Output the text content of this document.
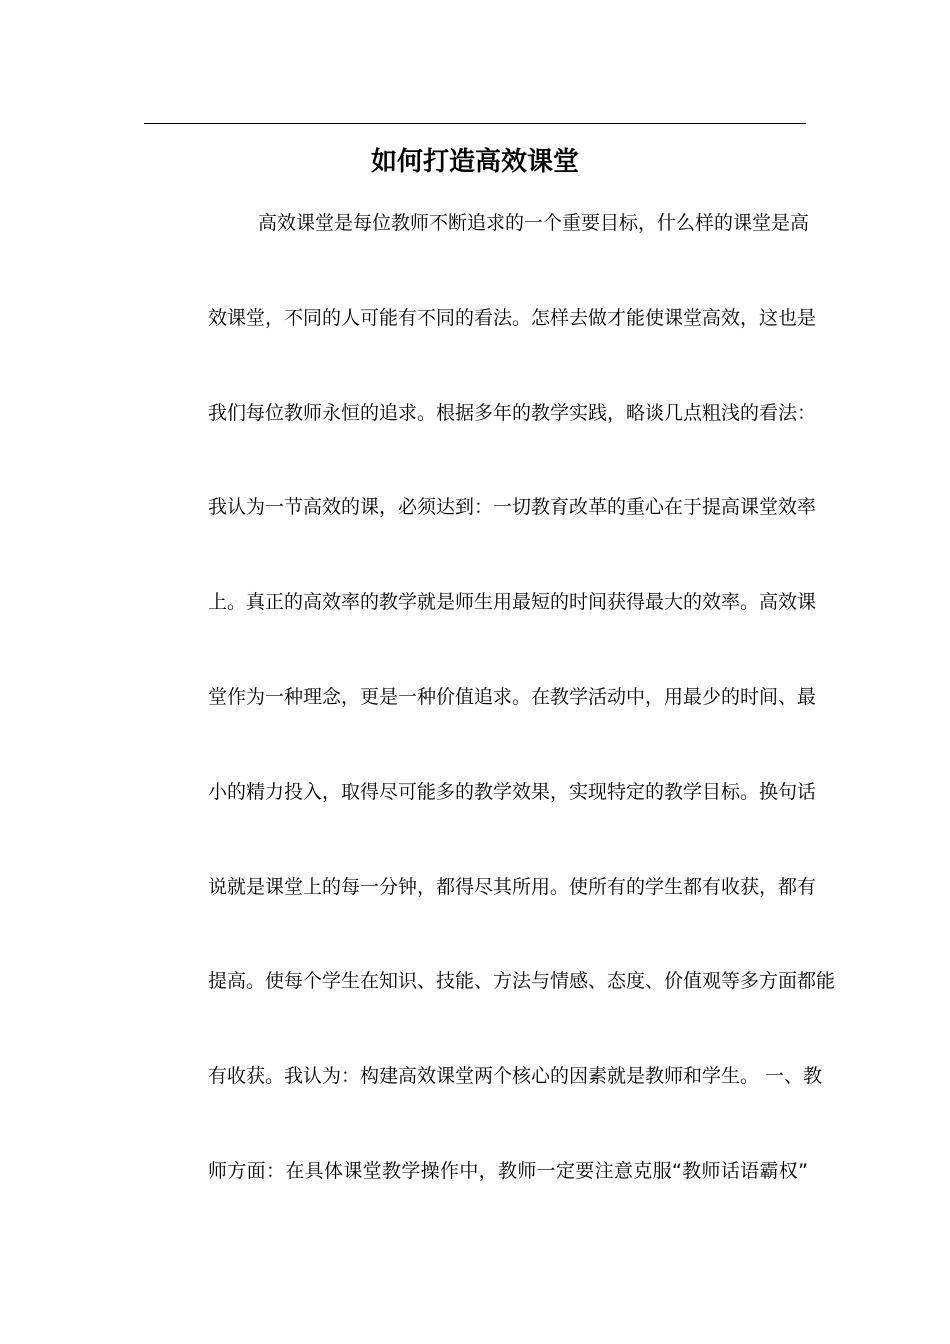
如何打造高效课堂
高效课堂是每位教师不断追求的一个重要目标，什么样的课堂是高
效课堂，不同的人可能有不同的看法。怎样去做才能使课堂高效，这也是
我们每位教师永恒的追求。根据多年的教学实践，略谈几点粗浅的看法：
我认为一节高效的课，必须达到：一切教育改革的重心在于提高课堂效率
上。真正的高效率的教学就是师生用最短的时间获得最大的效率。高效课
堂作为一种理念，更是一种价值追求。在教学活动中，用最少的时间、最
小的精力投入，取得尽可能多的教学效果，实现特定的教学目标。换句话
说就是课堂上的每一分钟，都得尽其所用。使所有的学生都有收获，都有
提高。使每个学生在知识、技能、方法与情感、态度、价值观等多方面都能
有收获。我认为：构建高效课堂两个核心的因素就是教师和学生。 一、教
师方面：在具体课堂教学操作中，教师一定要注意克服“教师话语霸权”
